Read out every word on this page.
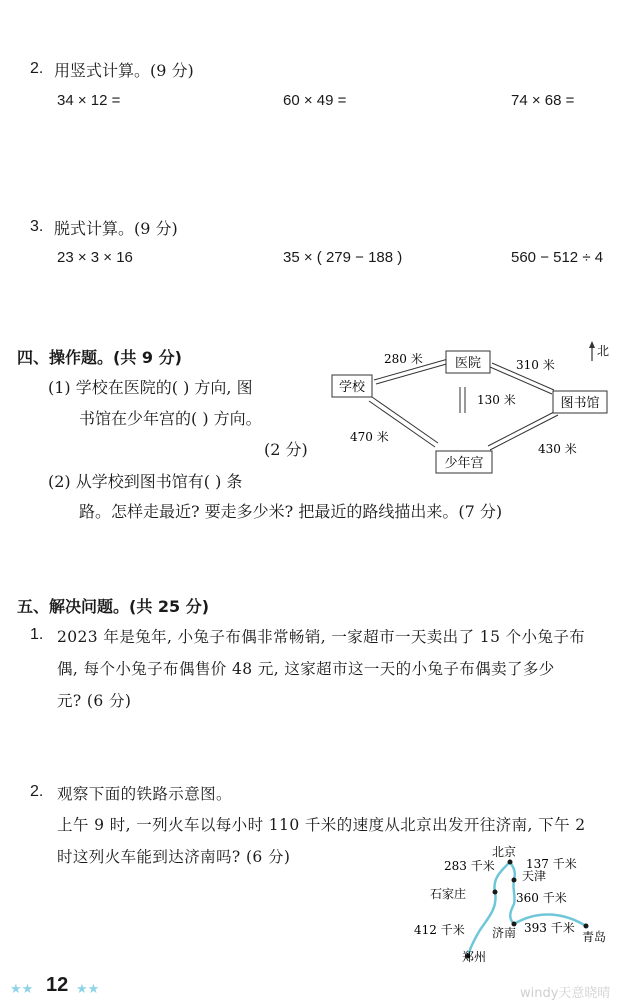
2. 用竖式计算。(9 分)
34 × 12 =	60 × 49 =	74 × 68 =
3. 脱式计算。(9 分)
23 × 3 × 16	35 × ( 279 − 188 )	560 − 512 ÷ 4
四、操作题。(共 9 分)
(1) 学校在医院的( ) 方向, 图
书馆在少年宫的( ) 方向。
(2 分)
(2) 从学校到图书馆有( ) 条
路。怎样走最近? 要走多少米? 把最近的路线描出来。(7 分)
学校
医院
图书馆
少年宫
280 米	310 米
130 米
470 米
430 米
北
五、解决问题。(共 25 分)
1. 2023 年是兔年, 小兔子布偶非常畅销, 一家超市一天卖出了 15 个小兔子布
偶, 每个小兔子布偶售价 48 元, 这家超市这一天的小兔子布偶卖了多少
元? (6 分)
2. 观察下面的铁路示意图。
上午 9 时, 一列火车以每小时 110 千米的速度从北京出发开往济南, 下午 2
时这列火车能到达济南吗? (6 分)	北京
天津
石家庄
济南	青岛
郑州
283 千米	137 千米
360 千米
412 千米	393 千米
★★ 12 ★★	windy天意晓晴
